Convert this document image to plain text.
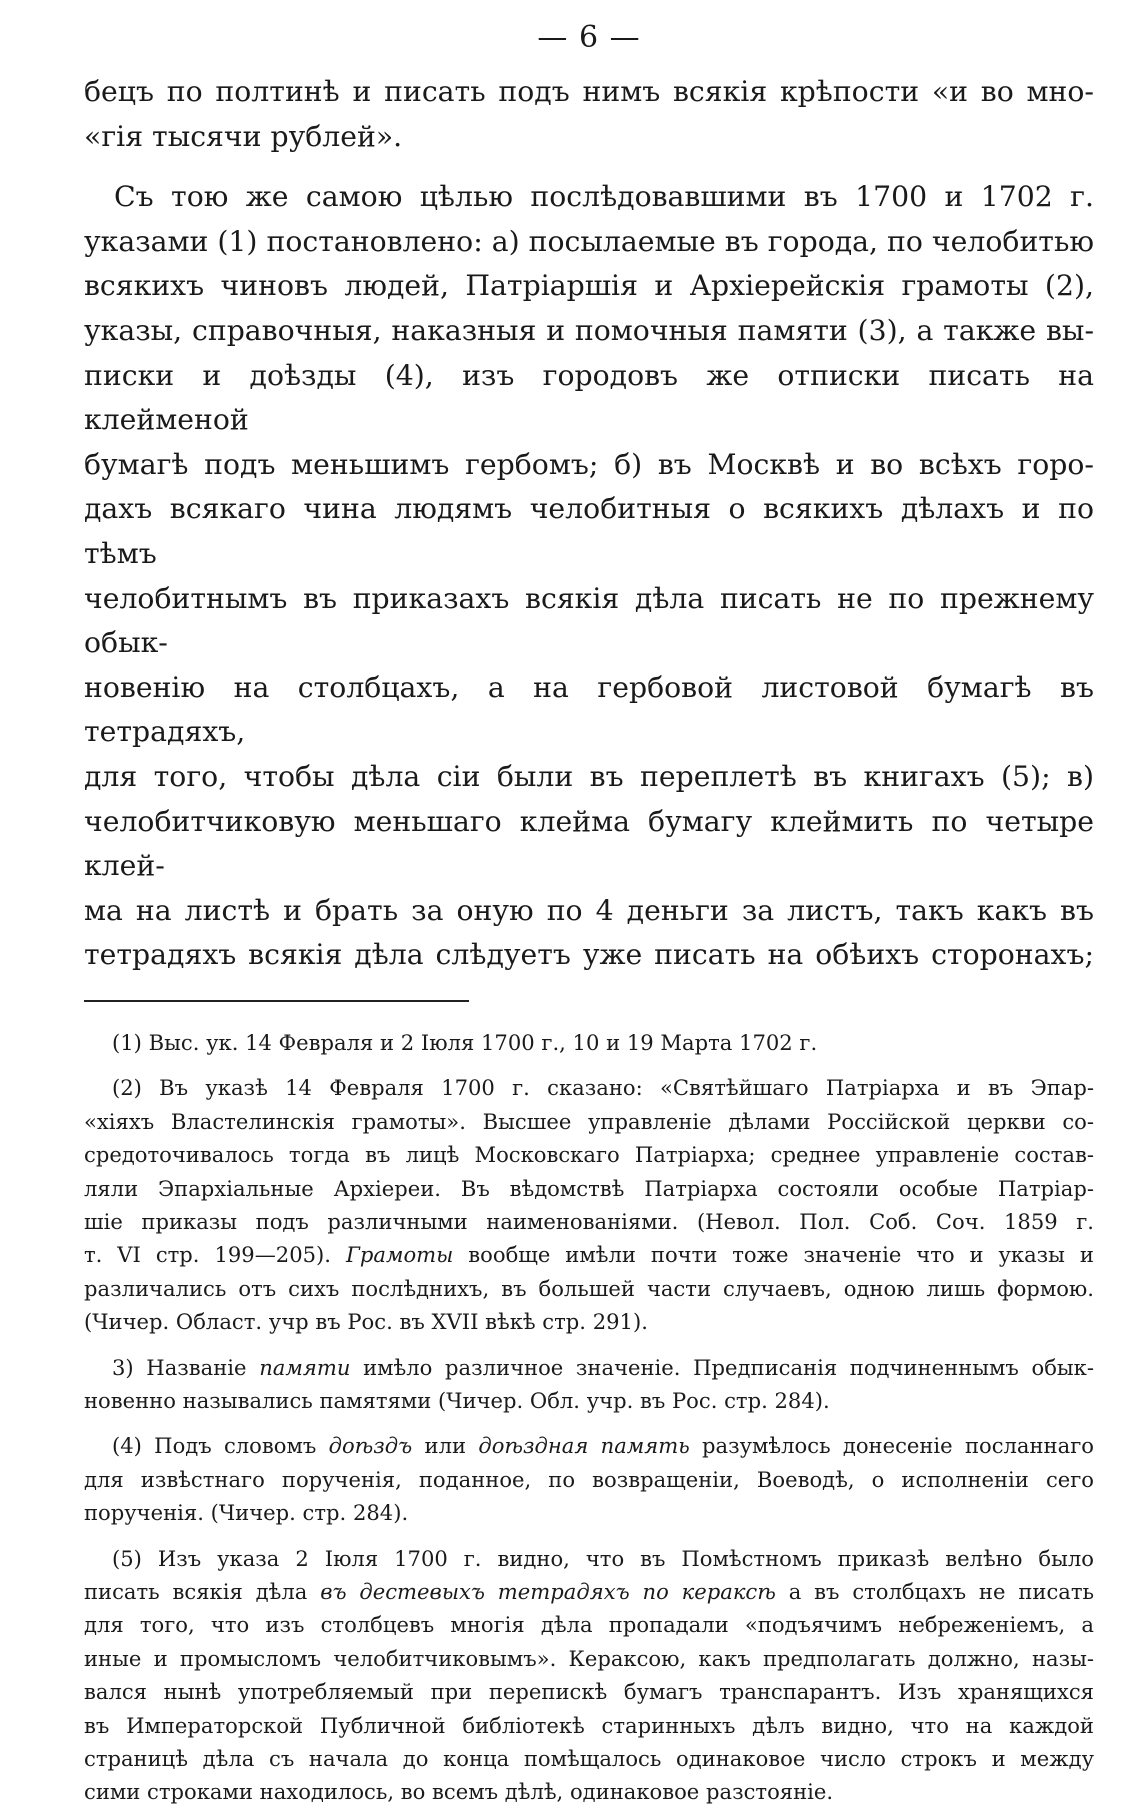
— 6 —

бецъ по полтинѣ и писать подъ нимъ всякія крѣпости «и во мно-

«гія тысячи рублей».

Съ тою же самою цѣлью послѣдовавшими въ 1700 и 1702 г.

указами (1) постановлено: а) посылаемые въ города, по челобитью

всякихъ чиновъ людей, Патріаршія и Архіерейскія грамоты (2),

указы, справочныя, наказныя и помочныя памяти (3), а также вы-

писки и доѣзды (4), изъ городовъ же отписки писать на клейменой

бумагѣ подъ меньшимъ гербомъ; б) въ Москвѣ и во всѣхъ горо-

дахъ всякаго чина людямъ челобитныя о всякихъ дѣлахъ и по тѣмъ

челобитнымъ въ приказахъ всякія дѣла писать не по прежнему обык-

новенію на столбцахъ, а на гербовой листовой бумагѣ въ тетрадяхъ,

для того, чтобы дѣла сіи были въ переплетѣ въ книгахъ (5); в)

челобитчиковую меньшаго клейма бумагу клеймить по четыре клей-

ма на листѣ и брать за оную по 4 деньги за листъ, такъ какъ въ

тетрадяхъ всякія дѣла слѣдуетъ уже писать на обѣихъ сторонахъ;

(1) Выс. ук. 14 Февраля и 2 Іюля 1700 г., 10 и 19 Марта 1702 г.

(2) Въ указѣ 14 Февраля 1700 г. сказано: «Святѣйшаго Патріарха и въ Эпар-

«хіяхъ Властелинскія грамоты». Высшее управленіе дѣлами Россійской церкви со-

средоточивалось тогда въ лицѣ Московскаго Патріарха; среднее управленіе состав-

ляли Эпархіальные Архіереи. Въ вѣдомствѣ Патріарха состояли особые Патріар-

шіе приказы подъ различными наименованіями. (Невол. Пол. Соб. Соч. 1859 г.

т. VI стр. 199—205). Грамоты вообще имѣли почти тоже значеніе что и указы и

различались отъ сихъ послѣднихъ, въ большей части случаевъ, одною лишь формою.

(Чичер. Област. учр въ Рос. въ XVII вѣкѣ стр. 291).

3) Названіе памяти имѣло различное значеніе. Предписанія подчиненнымъ обык-

новенно назывались памятями (Чичер. Обл. учр. въ Рос. стр. 284).

(4) Подъ словомъ доѣздъ или доѣздная память разумѣлось донесеніе посланнаго

для извѣстнаго порученія, поданное, по возвращеніи, Воеводѣ, о исполненіи сего

порученія. (Чичер. стр. 284).

(5) Изъ указа 2 Іюля 1700 г. видно, что въ Помѣстномъ приказѣ велѣно было

писать всякія дѣла въ дестевыхъ тетрадяхъ по кераксѣ а въ столбцахъ не писать

для того, что изъ столбцевъ многія дѣла пропадали «подъячимъ небреженіемъ, а

иные и промысломъ челобитчиковымъ». Кераксою, какъ предполагать должно, назы-

вался нынѣ употребляемый при перепискѣ бумагъ транспарантъ. Изъ хранящихся

въ Императорской Публичной библіотекѣ старинныхъ дѣлъ видно, что на каждой

страницѣ дѣла съ начала до конца помѣщалось одинаковое число строкъ и между

сими строками находилось, во всемъ дѣлѣ, одинаковое разстояніе.
